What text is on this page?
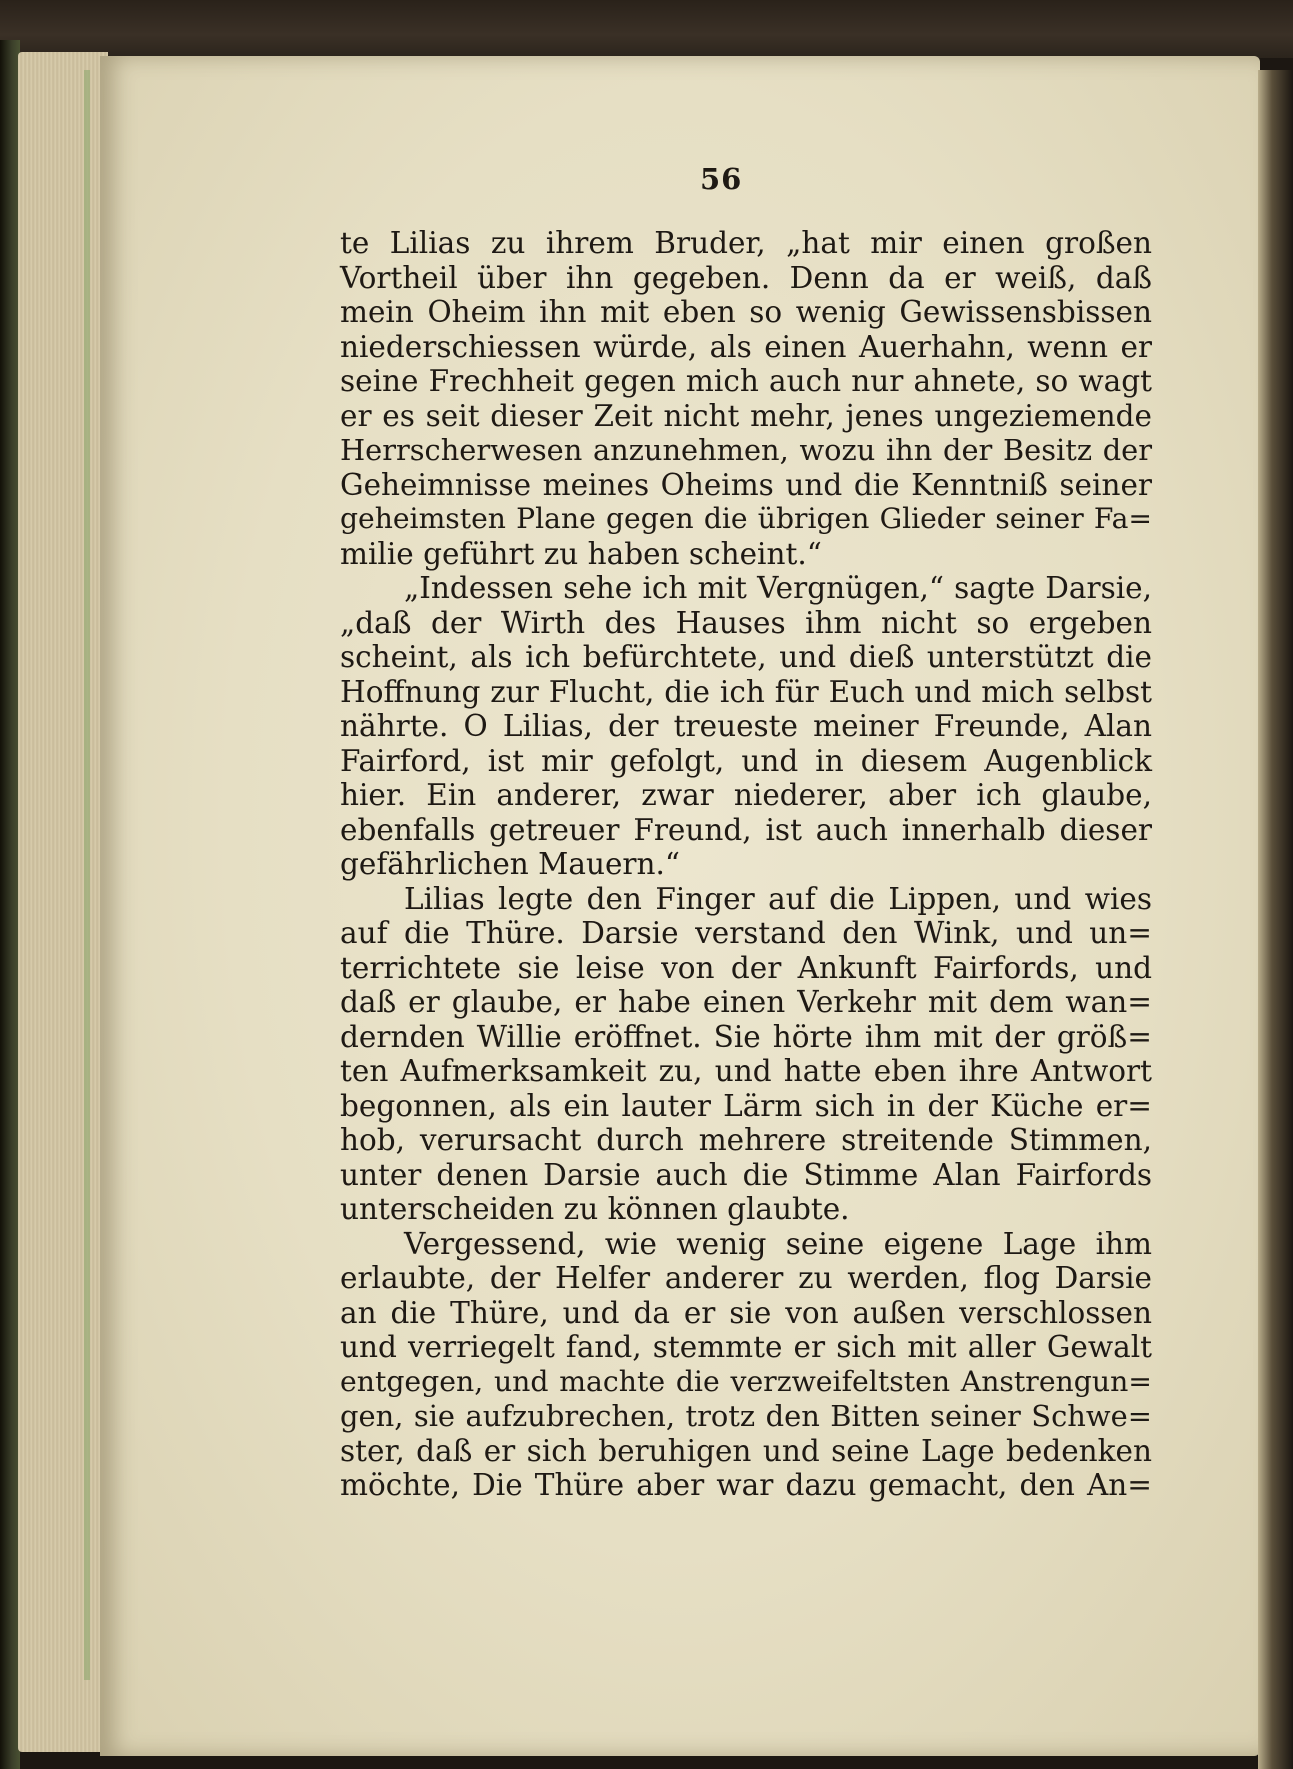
56
te Lilias zu ihrem Bruder, „hat mir einen großen
Vortheil über ihn gegeben. Denn da er weiß, daß
mein Oheim ihn mit eben so wenig Gewissensbissen
niederschiessen würde, als einen Auerhahn, wenn er
seine Frechheit gegen mich auch nur ahnete, so wagt
er es seit dieser Zeit nicht mehr, jenes ungeziemende
Herrscherwesen anzunehmen, wozu ihn der Besitz der
Geheimnisse meines Oheims und die Kenntniß seiner
geheimsten Plane gegen die übrigen Glieder seiner Fa=
milie geführt zu haben scheint.“
„Indessen sehe ich mit Vergnügen,“ sagte Darsie,
„daß der Wirth des Hauses ihm nicht so ergeben
scheint, als ich befürchtete, und dieß unterstützt die
Hoffnung zur Flucht, die ich für Euch und mich selbst
nährte. O Lilias, der treueste meiner Freunde, Alan
Fairford, ist mir gefolgt, und in diesem Augenblick
hier. Ein anderer, zwar niederer, aber ich glaube,
ebenfalls getreuer Freund, ist auch innerhalb dieser
gefährlichen Mauern.“
Lilias legte den Finger auf die Lippen, und wies
auf die Thüre. Darsie verstand den Wink, und un=
terrichtete sie leise von der Ankunft Fairfords, und
daß er glaube, er habe einen Verkehr mit dem wan=
dernden Willie eröffnet. Sie hörte ihm mit der größ=
ten Aufmerksamkeit zu, und hatte eben ihre Antwort
begonnen, als ein lauter Lärm sich in der Küche er=
hob, verursacht durch mehrere streitende Stimmen,
unter denen Darsie auch die Stimme Alan Fairfords
unterscheiden zu können glaubte.
Vergessend, wie wenig seine eigene Lage ihm
erlaubte, der Helfer anderer zu werden, flog Darsie
an die Thüre, und da er sie von außen verschlossen
und verriegelt fand, stemmte er sich mit aller Gewalt
entgegen, und machte die verzweifeltsten Anstrengun=
gen, sie aufzubrechen, trotz den Bitten seiner Schwe=
ster, daß er sich beruhigen und seine Lage bedenken
möchte, Die Thüre aber war dazu gemacht, den An=
